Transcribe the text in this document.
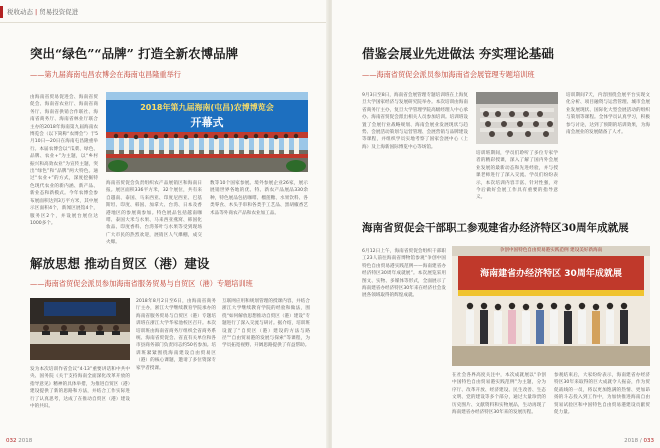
税收动态 | 贸易投资促进
突出“绿色”“品牌” 打造全新农博品牌
——第九届海南屯昌农博会在海南屯昌隆重举行
由海南省贸易促进会、海南省贸促会、海南省农业厅、海南省商务厅、海南省供销合作联社、海南省商务厅、海南省林业厅联合主办的2018年海南第九届海南农博览会（以下简称“农博会”）于5月10日—20日在海南屯昌隆重举行。本届农博会以“瓜菜、绿色、品牌、农业+”为主题，以“乡村振兴和高效农业”为宣传主题，突出“绿色”和“品牌”两大特色。通过“农业+”的方式，深度挖掘特色现代农业的新内涵、新产品、新业态和新模式。今年农博会参布展面积达到3万平方米，其中展示区面积4个，新闻区展馆4个，服务区2个，并设展台展位达1000多个。
2018年第九届海南(屯昌)农博博览会
开幕式
海南省贸促会负责组织农产品展销区和海南日报。展区面积336平方米，32个展位，共有来自越南、泰国、马来西亚、印度尼西亚、巴基斯坦、印度、韩国、加拿大、台湾、日本及香港地区的参展商参加。特色展品包括越南咖啡、泰国大米与水果、马来西亚燕窝、韩国化妆品、印度香料、台湾茶叶与水果等受到现场广大市民的热烈欢迎，展销区人气爆棚，成交火爆。
数等10个国家参展。境外参展企业26家，展示展销世界各地的优、特、新农产品展品330余种，特色展品包括咖啡、榴莲糖、水果饮料、各类零食、木头手串和各类手工艺品、黑胡椒香艺术品等外商农产品和农业加工品。
解放思想 推动自贸区（港）建设
——海南省贸促会派员参加海南省服务贸易与自贸区（港）专题培训班
2018年8月2日至6日，由海南省商务厅主办，浙江大学继续教育学院承办的海南省服务贸易与自贸区（港）专题培训班在浙江大学华家池校区召开。本次培训班由海南省商务厅组织全省商务系统、海南省贸促会、省直有关单位和各市县商务部门负责同志约50名参加。培训班紧紧围绕海南建设自由贸易区（港）的核心课题，邀请了多位资深专家学者授课。
互联网应用和规划管理的授课内容，并结合浙江大学继续教育学院的经验和做法，围绕“如何解放思想推动自贸区（港）建设”专题进行了深入交流与研讨。据介绍，培训班设置了“自贸区（港）建设的方法与路径”“自由贸易港的发展与探索”等课程，为学员拓宽视野、开阔思路提供了有益帮助。
发为本次培训作省会议“4·13”重要讲话和中共中央、国务院《关于支持海南全面深化改革开放的指导意见》精神的具体举措，为推进自贸区（港）建设提供了新的思路和方法，并结合工作实际进行了认真思考，达成了在推动自贸区（港）建设中的共识。
032 2018
借鉴会展业先进做法 夯实理论基础
——海南省贸促会派员参加海南省会展管理专题培训班
9月3日至8日，海南省会展管理专题培训班在上海复旦大学国家经济与发展研究院举办。本次培训由海南省商务厅主办，复旦大学管理学院高级经理人中心承办。海南省贸促会派出相关人员参加培训。培训班设置了会展行业战略规划、海南会展业发展现状与趋势、会展活动策划与运营管理、会展营销与品牌建设等课程，并组织学员实地考察了国家会展中心（上海）及上海新国际博览中心等场馆。
培训班期间，学员们聆听了多位专家学者的精彩授课，深入了解了国内外会展业发展的最新动态和先进经验，并与授课老师进行了深入交流。学员们纷纷表示，本次培训内容丰富、针对性强，对今后做好会展工作具有重要的指导意义。
培训期间7天，内容围绕会展平台实现文化分析、项目融资与运营管理、城市会展业发展现状、国际化大型会展活动的组织与策划等课程。全体学员认真学习，积极参与讨论，达到了预期的培训效果，为海南会展业的发展储备了人才。
海南省贸促会干部职工参观建省办经济特区30周年成就展
6月12日上午，海南省贸促会组织干部职工23人前往海南省博物馆参观“争创中国特色自由贸易港实践范例——海南建省办经济特区30周年成就展”。本次展览采用图文、实物、多媒体等形式，全面展示了海南建省办经济特区30年来在经济社会发展各领域取得的辉煌成就。
争创中国特色自由贸易港实践范例 建设美好新海南
海南建省办经济特区 30周年成就展
在社会各界高度关注中，本次成就展以“争创中国特色自由贸易港实践范例”为主题，分为序厅、改革开放、经济建设、民生改善、生态文明、党的建设等多个部分，通过大量珍贵的历史图片、文献资料和实物展品，生动再现了海南建省办经济特区30年来的发展历程。
参观结束后，大家纷纷表示，海南建省办经济特区30年来取得的巨大成就令人振奋，作为贸促战线的一员，将以更加饱满的热情、更加昂扬的斗志投入到工作中，为加快推进海南自由贸易试验区和中国特色自由贸易港建设贡献贸促力量。
2018 / 033
